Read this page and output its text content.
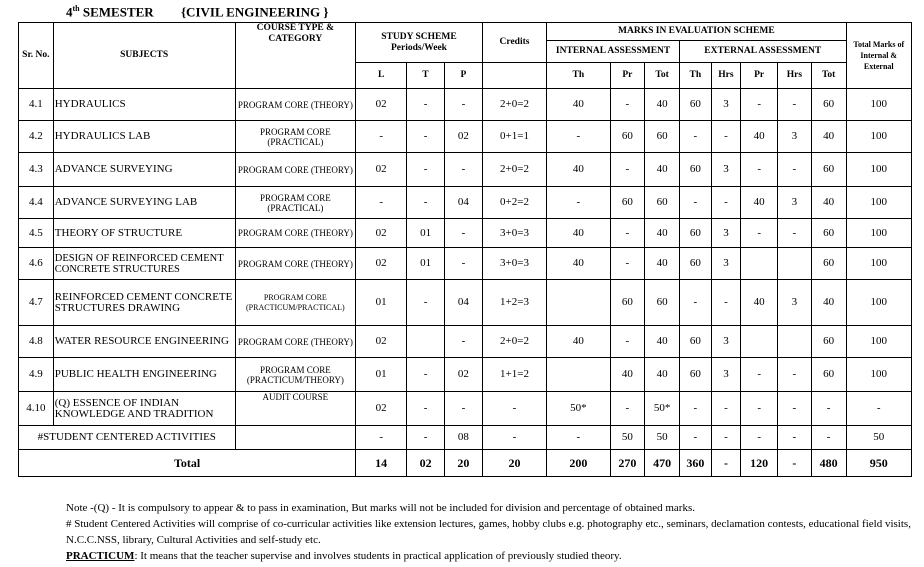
4th SEMESTER {CIVIL ENGINEERING }
Sr. No.	SUBJECTS	COURSE TYPE & CATEGORY	STUDY SCHEME Periods/Week			Credits	MARKS IN EVALUATION SCHEME								Total Marks of Internal & External
							INTERNAL ASSESSMENT			EXTERNAL ASSESSMENT					
			L	T	P		Th	Pr	Tot	Th	Hrs	Pr	Hrs	Tot	
4.1	HYDRAULICS	PROGRAM CORE (THEORY)	02	-	-	2+0=2	40	-	40	60	3	-	-	60	100
4.2	HYDRAULICS LAB	PROGRAM CORE (PRACTICAL)	-	-	02	0+1=1	-	60	60	-	-	40	3	40	100
4.3	ADVANCE SURVEYING	PROGRAM CORE (THEORY)	02	-	-	2+0=2	40	-	40	60	3	-	-	60	100
4.4	ADVANCE SURVEYING LAB	PROGRAM CORE (PRACTICAL)	-	-	04	0+2=2	-	60	60	-	-	40	3	40	100
4.5	THEORY OF STRUCTURE	PROGRAM CORE (THEORY)	02	01	-	3+0=3	40	-	40	60	3	-	-	60	100
4.6	DESIGN OF REINFORCED CEMENT CONCRETE STRUCTURES	PROGRAM CORE (THEORY)	02	01	-	3+0=3	40	-	40	60	3			60	100
4.7	REINFORCED CEMENT CONCRETE STRUCTURES DRAWING	PROGRAM CORE (PRACTICUM/PRACTICAL)	01	-	04	1+2=3		60	60	-	-	40	3	40	100
4.8	WATER RESOURCE ENGINEERING	PROGRAM CORE (THEORY)	02		-	2+0=2	40	-	40	60	3			60	100
4.9	PUBLIC HEALTH ENGINEERING	PROGRAM CORE (PRACTICUM/THEORY)	01	-	02	1+1=2		40	40	60	3	-	-	60	100
4.10	(Q) ESSENCE OF INDIAN KNOWLEDGE AND TRADITION	AUDIT COURSE	02	-	-	-	50*	-	50*	-	-	-	-	-	-
#STUDENT CENTERED ACTIVITIES			-	-	08	-	-	50	50	-	-	-	-	-	50
Total			14	02	20	20	200	270	470	360	-	120	-	480	950

Note -(Q) - It is compulsory to appear & to pass in examination, But marks will not be included for division and percentage of obtained marks.

# Student Centered Activities will comprise of co-curricular activities like extension lectures, games, hobby clubs e.g. photography etc., seminars, declamation contests, educational field visits, N.C.C.NSS, library, Cultural Activities and self-study etc.

PRACTICUM: It means that the teacher supervise and involves students in practical application of previously studied theory.
